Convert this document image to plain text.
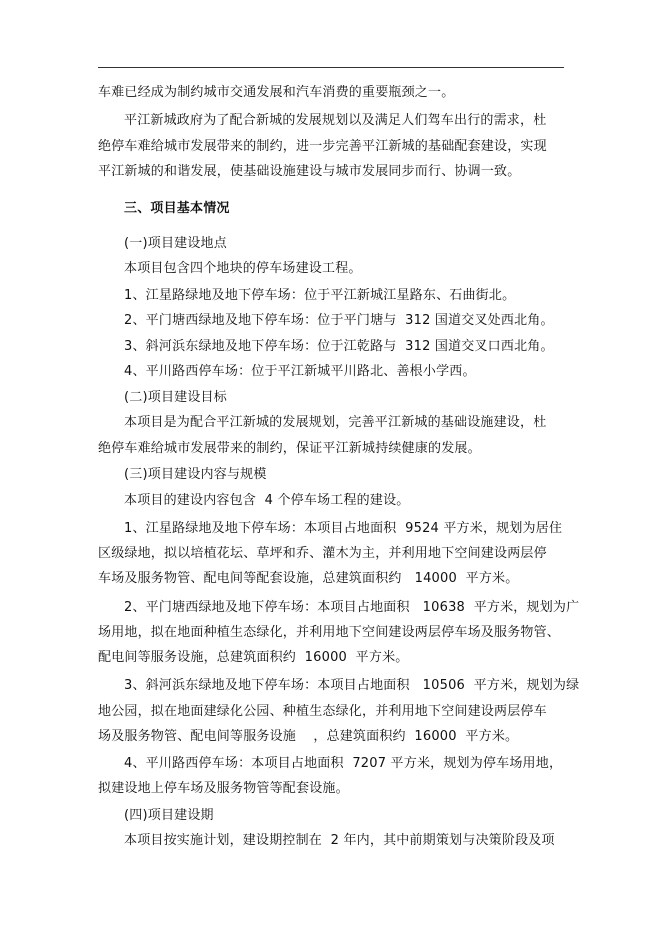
车难已经成为制约城市交通发展和汽车消费的重要瓶颈之一。
平江新城政府为了配合新城的发展规划以及满足人们驾车出行的需求，杜
绝停车难给城市发展带来的制约，进一步完善平江新城的基础配套建设，实现
平江新城的和谐发展，使基础设施建设与城市发展同步而行、协调一致。
三、项目基本情况
(一)项目建设地点
本项目包含四个地块的停车场建设工程。
1、江星路绿地及地下停车场：位于平江新城江星路东、石曲街北。
2、平门塘西绿地及地下停车场：位于平门塘与  312 国道交叉处西北角。
3、斜河浜东绿地及地下停车场：位于江乾路与  312 国道交叉口西北角。
4、平川路西停车场：位于平江新城平川路北、善根小学西。
(二)项目建设目标
本项目是为配合平江新城的发展规划，完善平江新城的基础设施建设，杜
绝停车难给城市发展带来的制约，保证平江新城持续健康的发展。
(三)项目建设内容与规模
本项目的建设内容包含  4 个停车场工程的建设。
1、江星路绿地及地下停车场：本项目占地面积  9524 平方米，规划为居住
区级绿地，拟以培植花坛、草坪和乔、灌木为主，并利用地下空间建设两层停
车场及服务物管、配电间等配套设施，总建筑面积约   14000  平方米。
2、平门塘西绿地及地下停车场：本项目占地面积   10638  平方米，规划为广
场用地，拟在地面种植生态绿化，并利用地下空间建设两层停车场及服务物管、
配电间等服务设施，总建筑面积约  16000  平方米。
3、斜河浜东绿地及地下停车场：本项目占地面积   10506  平方米，规划为绿
地公园，拟在地面建绿化公园、种植生态绿化，并利用地下空间建设两层停车
场及服务物管、配电间等服务设施    ，总建筑面积约  16000  平方米。
4、平川路西停车场：本项目占地面积  7207 平方米，规划为停车场用地，
拟建设地上停车场及服务物管等配套设施。
(四)项目建设期
本项目按实施计划，建设期控制在  2 年内，其中前期策划与决策阶段及项
